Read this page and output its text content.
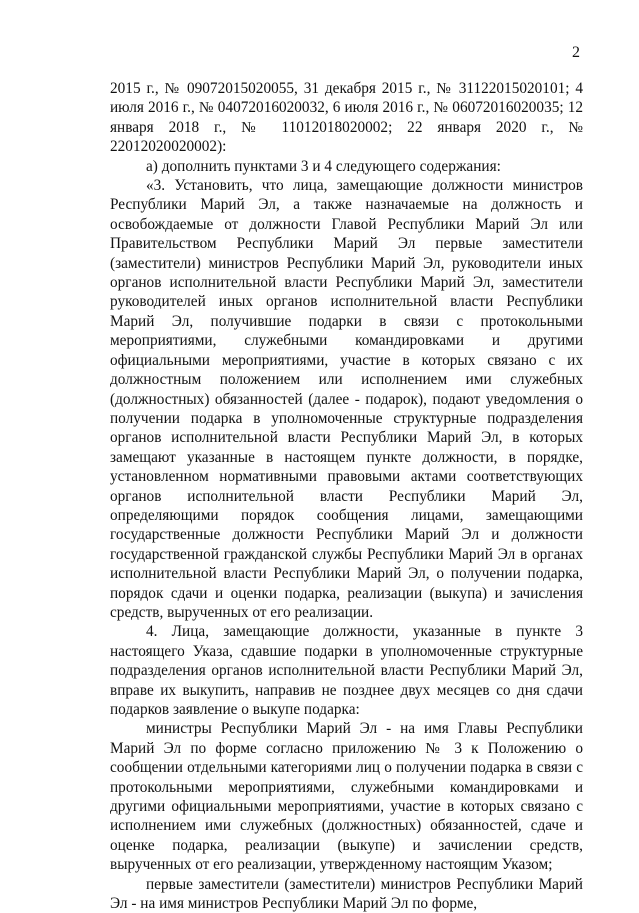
2

2015 г., № 09072015020055, 31 декабря 2015 г., № 31122015020101; 4 июля 2016 г., № 04072016020032, 6 июля 2016 г., № 06072016020035; 12 января 2018 г., № 11012018020002; 22 января 2020 г., № 22012020020002):

а) дополнить пунктами 3 и 4 следующего содержания:

«3. Установить, что лица, замещающие должности министров Республики Марий Эл, а также назначаемые на должность и освобождаемые от должности Главой Республики Марий Эл или Правительством Республики Марий Эл первые заместители (заместители) министров Республики Марий Эл, руководители иных органов исполнительной власти Республики Марий Эл, заместители руководителей иных органов исполнительной власти Республики Марий Эл, получившие подарки в связи с протокольными мероприятиями, служебными командировками и другими официальными мероприятиями, участие в которых связано с их должностным положением или исполнением ими служебных (должностных) обязанностей (далее - подарок), подают уведомления о получении подарка в уполномоченные структурные подразделения органов исполнительной власти Республики Марий Эл, в которых замещают указанные в настоящем пункте должности, в порядке, установленном нормативными правовыми актами соответствующих органов исполнительной власти Республики Марий Эл, определяющими порядок сообщения лицами, замещающими государственные должности Республики Марий Эл и должности государственной гражданской службы Республики Марий Эл в органах исполнительной власти Республики Марий Эл, о получении подарка, порядок сдачи и оценки подарка, реализации (выкупа) и зачисления средств, вырученных от его реализации.

4. Лица, замещающие должности, указанные в пункте 3 настоящего Указа, сдавшие подарки в уполномоченные структурные подразделения органов исполнительной власти Республики Марий Эл, вправе их выкупить, направив не позднее двух месяцев со дня сдачи подарков заявление о выкупе подарка:

министры Республики Марий Эл - на имя Главы Республики Марий Эл по форме согласно приложению № 3 к Положению о сообщении отдельными категориями лиц о получении подарка в связи с протокольными мероприятиями, служебными командировками и другими официальными мероприятиями, участие в которых связано с исполнением ими служебных (должностных) обязанностей, сдаче и оценке подарка, реализации (выкупе) и зачислении средств, вырученных от его реализации, утвержденному настоящим Указом;

первые заместители (заместители) министров Республики Марий Эл - на имя министров Республики Марий Эл по форме,
